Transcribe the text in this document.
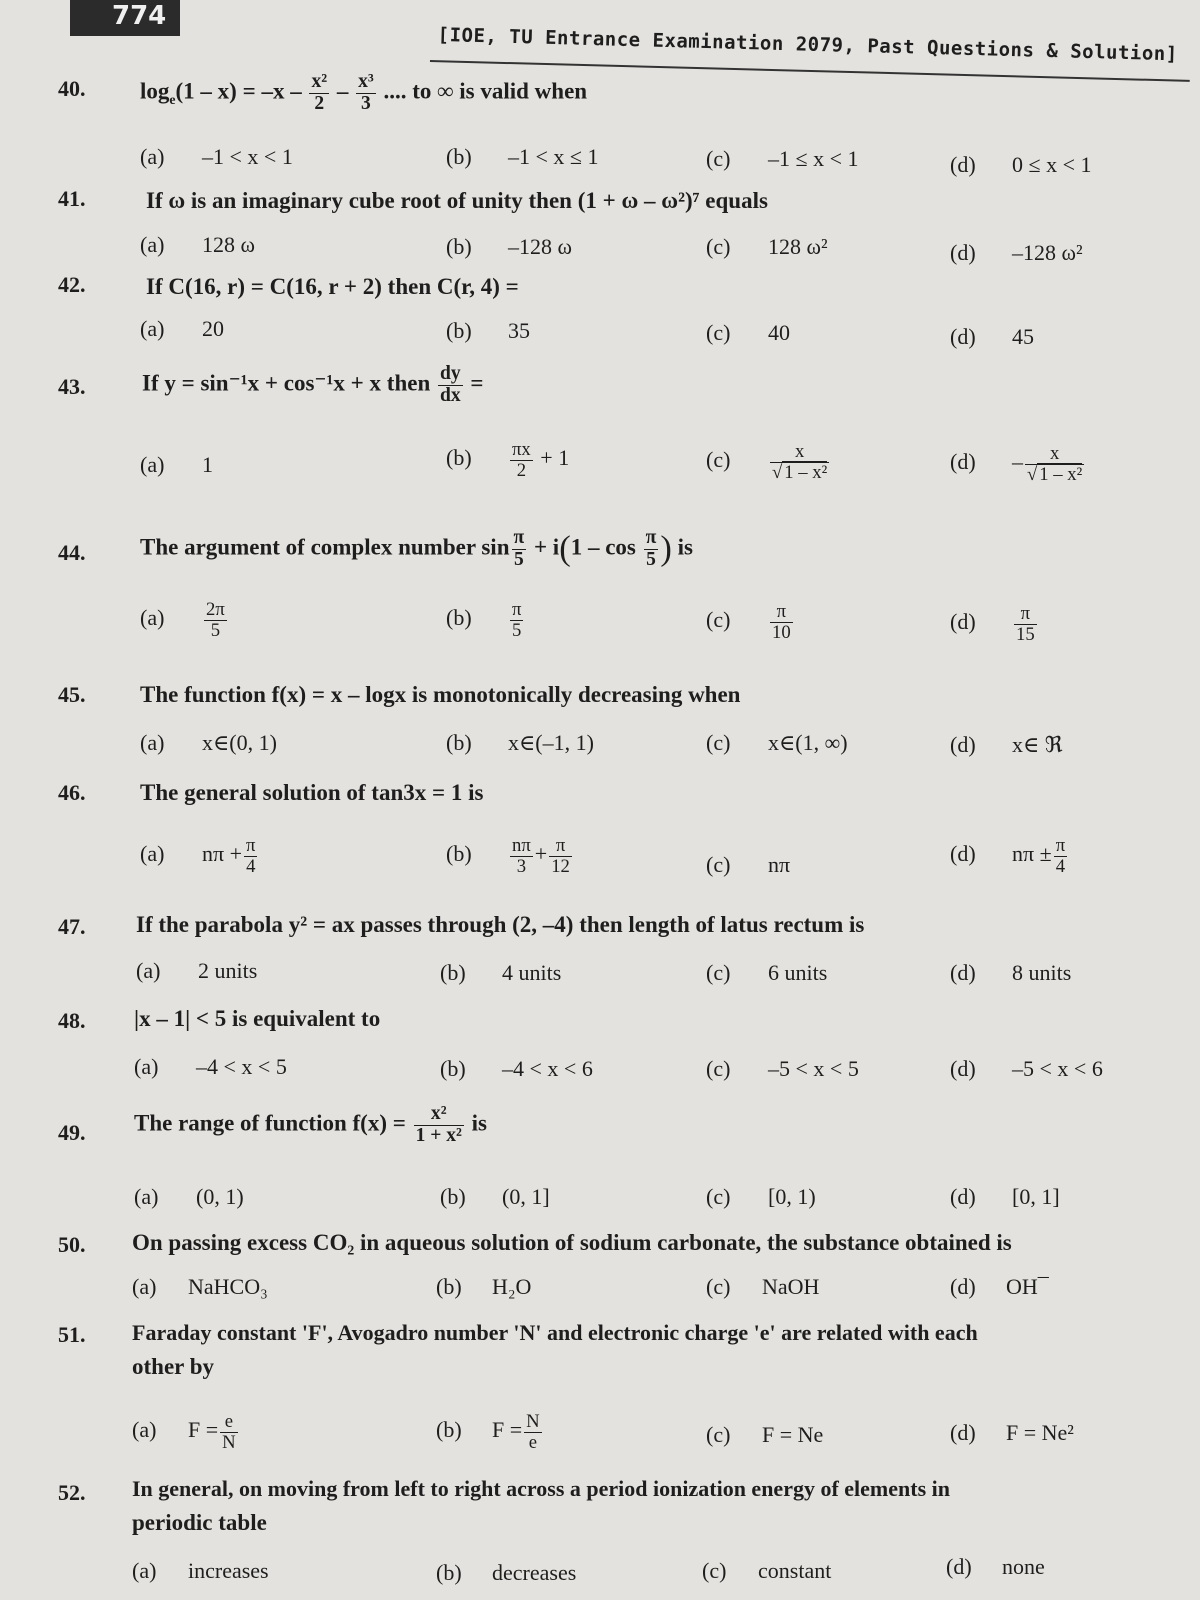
774
[IOE, TU Entrance Examination 2079, Past Questions & Solution]
40. $\log_e(1 - x) = -x - \frac{\text{x²}}{2} - \frac{\text{x³}}{3}$ .... to ∞ is valid when
(a) –1 < x < 1	(b) –1 < x ≤ 1	(c) –1 ≤ x < 1	(d) 0 ≤ x < 1
41.	If ω is an imaginary cube root of unity then (1 + ω – ω²)⁷ equals
(a) 128 ω	(b) –128 ω	(c) 128 ω²	(d) –128 ω²
42.	If C(16, r) = C(16, r + 2) then C(r, 4) =
(a) 20	(b) 35	(c) 40	(d) 45
43. If y = sin⁻¹x + cos⁻¹x + x then $\frac{dy}{dx}$ =
(a) 1	$(b) \frac{\pi x}{2} + 1$	$(c) \frac{x}{\text{√ 1 – x²}}$	$(d) - \frac{x}{\text{√ 1 – x²}}$
44. The argument of complex number $\sin \frac{\pi}{5} + i(1 - \cos \frac{\pi}{5}$ ) is
$(a) \frac{2\pi}{5}$	$(b) \frac{\pi}{5}$	$(c) \frac{\pi}{10}$	$(d) \frac{\pi}{15}$
45. The function f(x) = x – logx is monotonically decreasing when
(a) x∈(0, 1)	(b) x∈(–1, 1)	(c) x∈(1, ∞)	(d) x∈ ℜ
46. The general solution of tan3x = 1 is
(a) $n\pi + \frac{\pi}{4}$	$(b) \frac{n\pi}{3} + \frac{\pi}{12}$	(c) nπ	(d) $n\pi \pm \frac{\pi}{4}$
47. If the parabola y² = ax passes through (2, –4) then length of latus rectum is
(a) 2 units	(b) 4 units	(c) 6 units	(d) 8 units
48. |x – 1| < 5 is equivalent to
(a) –4 < x < 5	(b) –4 < x < 6	(c) –5 < x < 5	(d) –5 < x < 6
49. The range of function $f(x) = \frac{\text{x²}}{\text{1 + x²}}$ is
(a) (0, 1)	(b) (0, 1]	(c) [0, 1)	(d) [0, 1]
50. On passing excess CO₂ in aqueous solution of sodium carbonate, the substance obtained is
(a) NaHCO₃	(b) H₂O	(c) NaOH	(d) OH¯
51. Faraday constant 'F', Avogadro number 'N' and electronic charge 'e' are related with each
other by
(a) $F = \frac{e}{N}$	(b) $F = \frac{N}{e}$	(c) F = Ne	(d) F = Ne²
52. In general, on moving from left to right across a period ionization energy of elements in
periodic table
(a) increases	(b) decreases	(c) constant	(d) none
